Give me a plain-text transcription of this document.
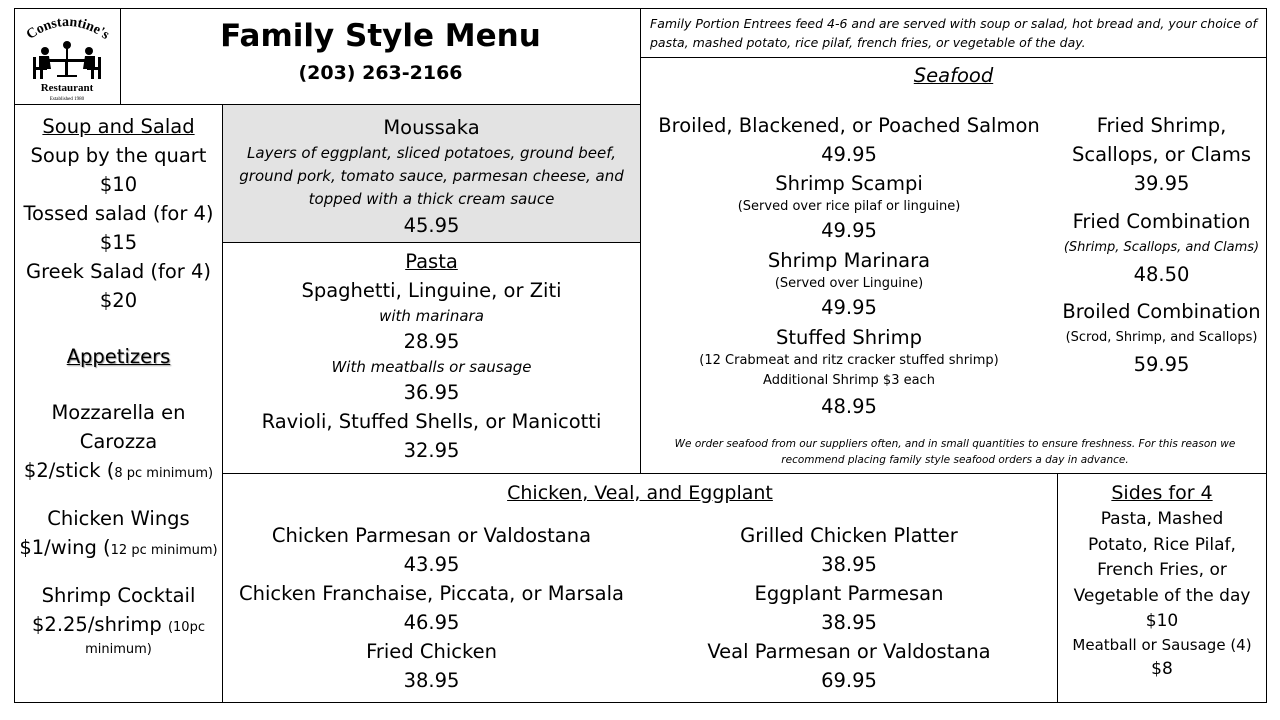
Constantine's
Restaurant
Established 1980
Family Style Menu
(203) 263-2166
Family Portion Entrees feed 4-6 and are served with soup or salad, hot bread and, your choice of pasta, mashed potato, rice pilaf, french fries, or vegetable of the day.
Soup and Salad
Soup by the quart
$10
Tossed salad (for 4)
$15
Greek Salad (for 4)
$20
Appetizers
Mozzarella en
Carozza
$2/stick (8 pc minimum)
Chicken Wings
$1/wing (12 pc minimum)
Shrimp Cocktail
$2.25/shrimp (10pc
minimum)
Moussaka
Layers of eggplant, sliced potatoes, ground beef, ground pork, tomato sauce, parmesan cheese, and topped with a thick cream sauce
45.95
Pasta
Spaghetti, Linguine, or Ziti
with marinara
28.95
With meatballs or sausage
36.95
Ravioli, Stuffed Shells, or Manicotti
32.95
Seafood
Broiled, Blackened, or Poached Salmon
49.95
Shrimp Scampi
(Served over rice pilaf or linguine)
49.95
Shrimp Marinara
(Served over Linguine)
49.95
Stuffed Shrimp
(12 Crabmeat and ritz cracker stuffed shrimp)
Additional Shrimp $3 each
48.95
Fried Shrimp,
Scallops, or Clams
39.95
Fried Combination
(Shrimp, Scallops, and Clams)
48.50
Broiled Combination
(Scrod, Shrimp, and Scallops)
59.95
We order seafood from our suppliers often, and in small quantities to ensure freshness. For this reason we recommend placing family style seafood orders a day in advance.
Chicken, Veal, and Eggplant
Chicken Parmesan or Valdostana
43.95
Chicken Franchaise, Piccata, or Marsala
46.95
Fried Chicken
38.95
Grilled Chicken Platter
38.95
Eggplant Parmesan
38.95
Veal Parmesan or Valdostana
69.95
Sides for 4
Pasta, Mashed
Potato, Rice Pilaf,
French Fries, or
Vegetable of the day
$10
Meatball or Sausage (4)
$8
